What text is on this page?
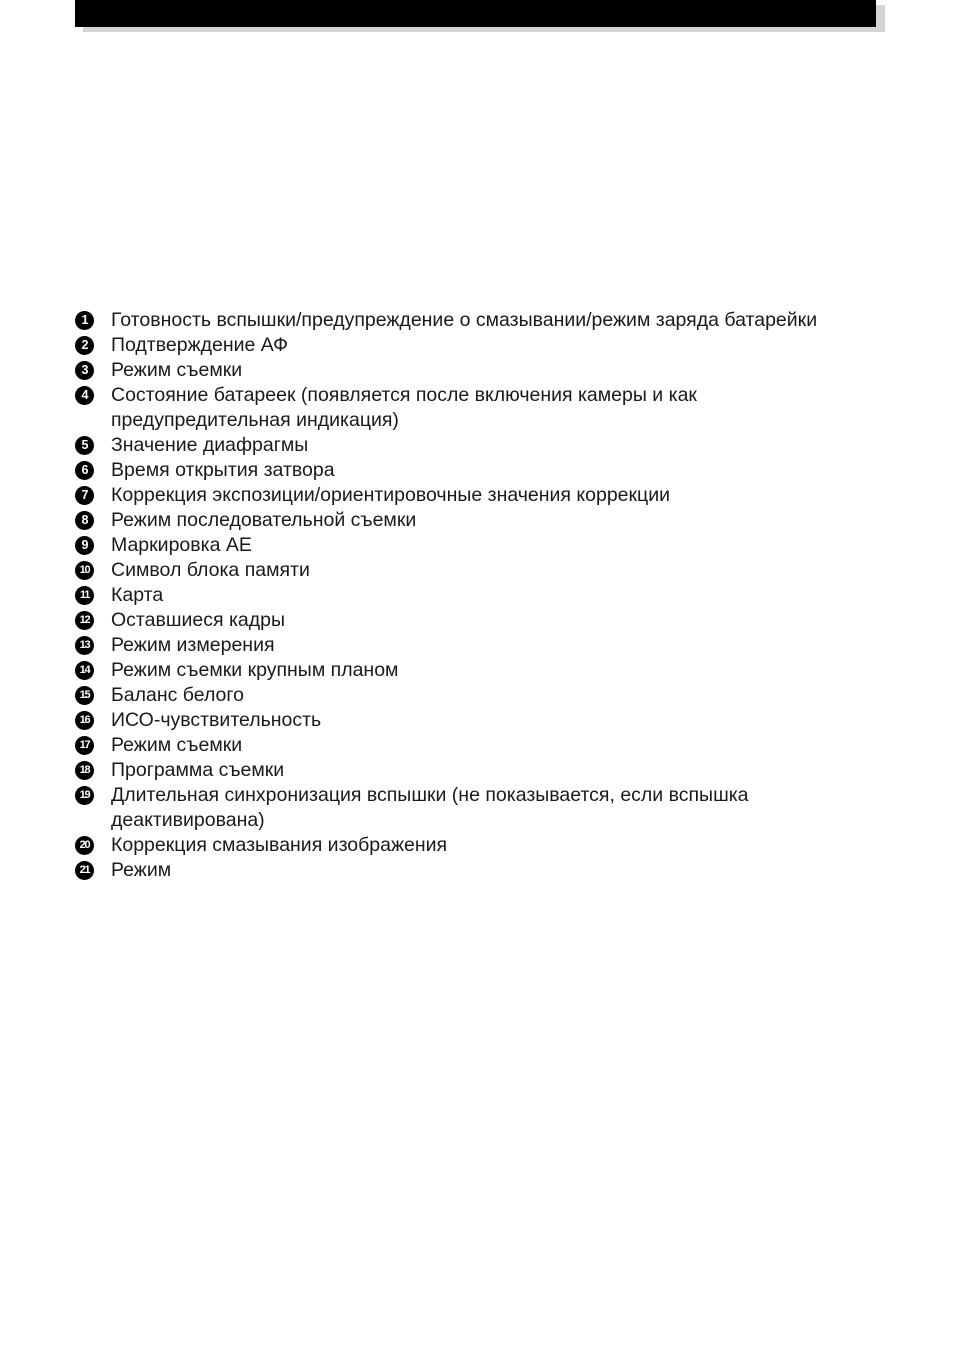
1	Готовность вспышки/предупреждение о смазывании/режим заряда батарейки
2	Подтверждение АФ
3	Режим съемки
4	Состояние батареек (появляется после включения камеры и как предупредительная индикация)
5	Значение диафрагмы
6	Время открытия затвора
7	Коррекция экспозиции/ориентировочные значения коррекции
8	Режим последовательной съемки
9	Маркировка AE
10 Символ блока памяти
11 Карта
12 Оставшиеся кадры
13 Режим измерения
14 Режим съемки крупным планом
15 Баланс белого
16 ИСО-чувствительность
17 Режим съемки
18 Программа съемки
19 Длительная синхронизация вспышки (не показывается, если вспышка деактивирована)
20 Коррекция смазывания изображения
21 Режим
